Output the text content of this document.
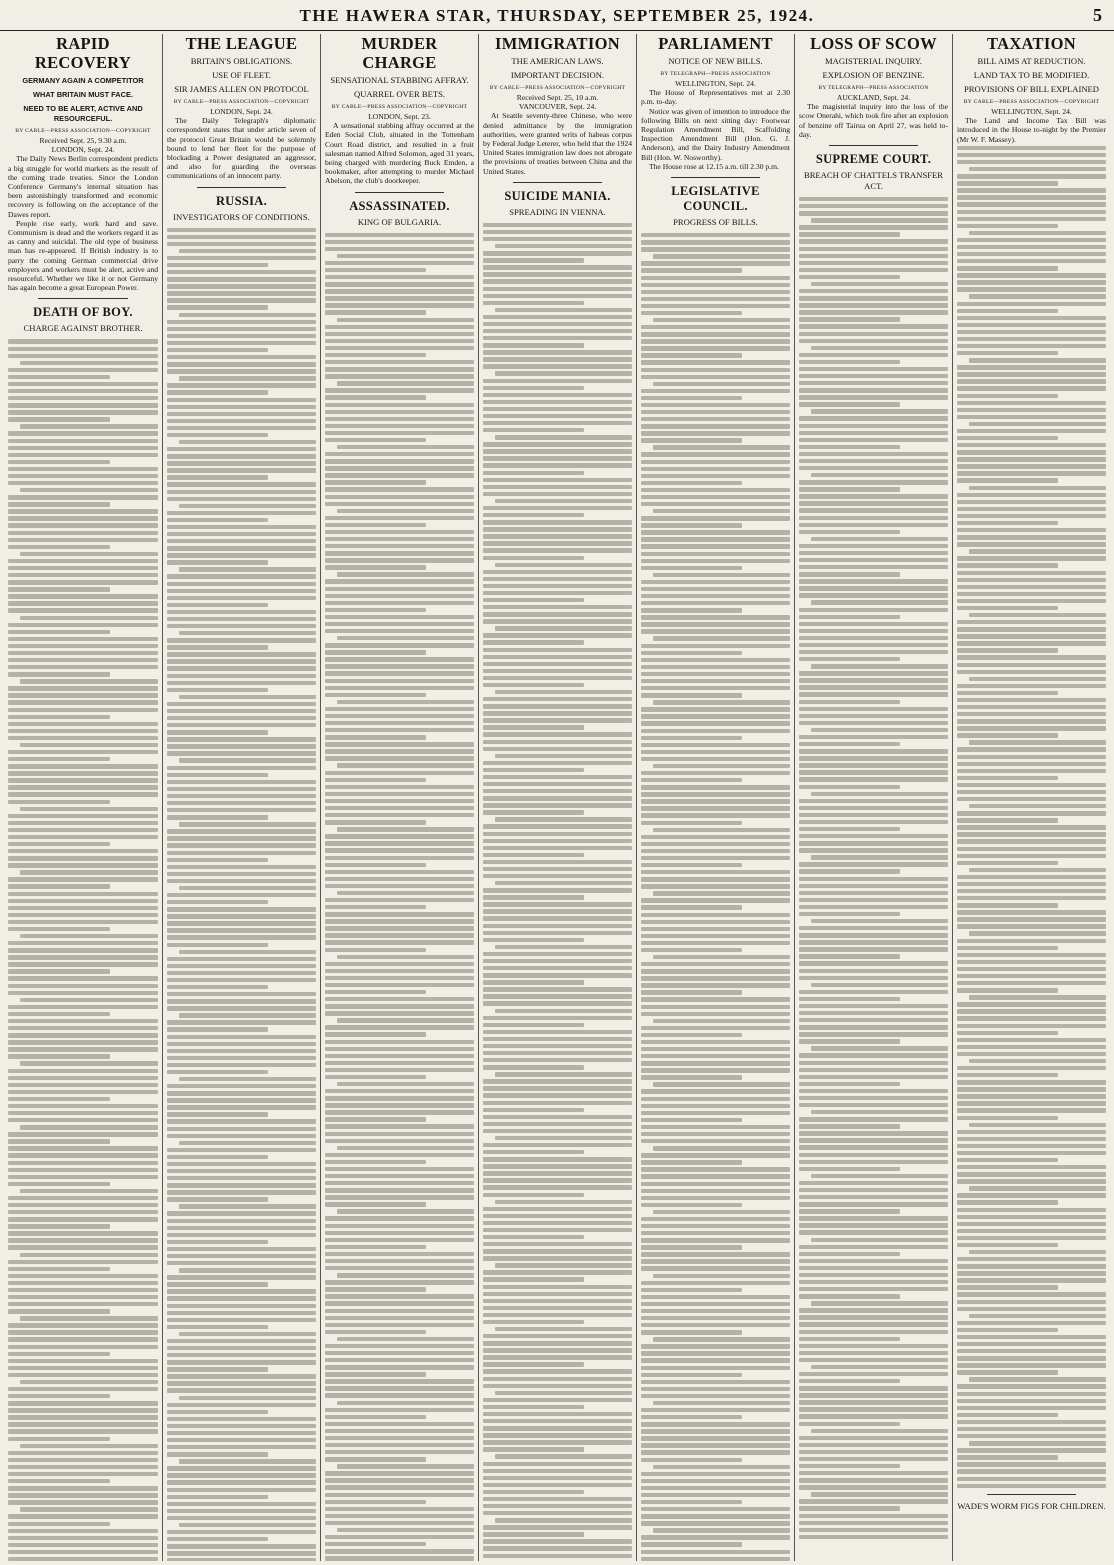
THE HAWERA STAR, THURSDAY, SEPTEMBER 25, 1924.	5
RAPID RECOVERY
GERMANY AGAIN A COMPETITOR
WHAT BRITAIN MUST FACE.
NEED TO BE ALERT, ACTIVE AND RESOURCEFUL.
BY CABLE—PRESS ASSOCIATION—COPYRIGHT
Received Sept. 25, 9.30 a.m.
LONDON, Sept. 24.

The Daily News Berlin correspondent predicts a big struggle for world markets as the result of the coming trade treaties. Since the London Conference Germany's internal situation has been astonishingly transformed and economic recovery is following on the acceptance of the Dawes report.

People rise early, work hard and save. Communism is dead and the workers regard it as as canny and suicidal. The old type of business man has re-appeared. If British industry is to parry the coming German commercial drive employers and workers must be alert, active and resourceful. Whether we like it or not Germany has again become a great European Power.

DEATH OF BOY.
CHARGE AGAINST BROTHER.
THE LEAGUE
BRITAIN'S OBLIGATIONS.
USE OF FLEET.
SIR JAMES ALLEN ON PROTOCOL
BY CABLE—PRESS ASSOCIATION—COPYRIGHT
LONDON, Sept. 24.

The Daily Telegraph's diplomatic correspondent states that under article seven of the protocol Great Britain would be solemnly bound to lend her fleet for the purpose of blockading a Power designated an aggressor, and also for guarding the overseas communications of an innocent party.

RUSSIA.
INVESTIGATORS OF CONDITIONS.
MURDER CHARGE
SENSATIONAL STABBING AFFRAY.
QUARREL OVER BETS.
BY CABLE—PRESS ASSOCIATION—COPYRIGHT
LONDON, Sept. 23.

A sensational stabbing affray occurred at the Eden Social Club, situated in the Tottenham Court Road district, and resulted in a fruit salesman named Alfred Solomon, aged 31 years, being charged with murdering Buck Emden, a bookmaker, after attempting to murder Michael Abelson, the club's doorkeeper.

ASSASSINATED.
KING OF BULGARIA.
IMMIGRATION
THE AMERICAN LAWS.
IMPORTANT DECISION.
BY CABLE—PRESS ASSOCIATION—COPYRIGHT
Received Sept. 25, 10 a.m.
VANCOUVER, Sept. 24.

At Seattle seventy-three Chinese, who were denied admittance by the immigration authorities, were granted writs of habeas corpus by Federal Judge Leterer, who held that the 1924 United States immigration law does not abrogate the provisions of treaties between China and the United States.

SUICIDE MANIA.
SPREADING IN VIENNA.
PARLIAMENT
NOTICE OF NEW BILLS.
BY TELEGRAPH—PRESS ASSOCIATION
WELLINGTON, Sept. 24.

The House of Representatives met at 2.30 p.m. to-day.

Notice was given of intention to introduce the following Bills on next sitting day: Footwear Regulation Amendment Bill, Scaffolding Inspection Amendment Bill (Hon. G. J. Anderson), and the Dairy Industry Amendment Bill (Hon. W. Nosworthy).

The House rose at 12.15 a.m. till 2.30 p.m.

LEGISLATIVE COUNCIL.
PROGRESS OF BILLS.
LOSS OF SCOW
MAGISTERIAL INQUIRY.
EXPLOSION OF BENZINE.
BY TELEGRAPH—PRESS ASSOCIATION
AUCKLAND, Sept. 24.

The magisterial inquiry into the loss of the scow Onerahi, which took fire after an explosion of benzine off Tairua on April 27, was held to-day.

SUPREME COURT.
BREACH OF CHATTELS TRANSFER ACT.
TAXATION
BILL AIMS AT REDUCTION.
LAND TAX TO BE MODIFIED.
PROVISIONS OF BILL EXPLAINED
BY CABLE—PRESS ASSOCIATION—COPYRIGHT
WELLINGTON, Sept. 24.

The Land and Income Tax Bill was introduced in the House to-night by the Premier (Mr W. F. Massey).

WADE'S WORM FIGS FOR CHILDREN.
